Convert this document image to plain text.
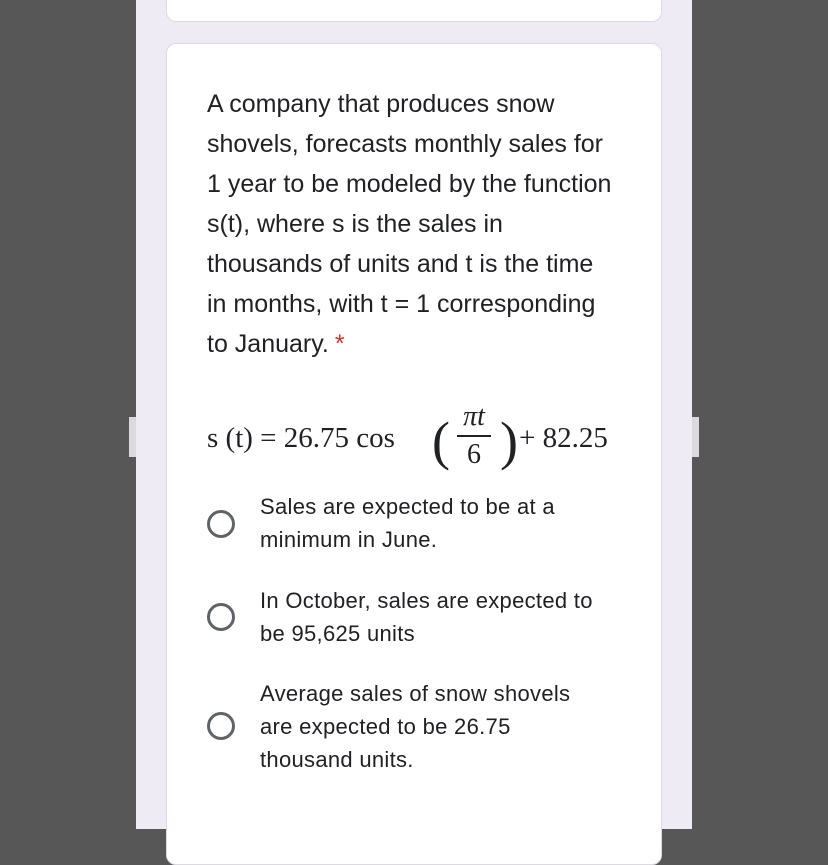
A company that produces snow shovels, forecasts monthly sales for 1 year to be modeled by the function s(t), where s is the sales in thousands of units and t is the time in months, with t = 1 corresponding to January. *
s (t) = 26.75 cos ( πt
6 ) + 82.25
Sales are expected to be at a minimum in June.
In October, sales are expected to be 95,625 units
Average sales of snow shovels are expected to be 26.75 thousand units.
